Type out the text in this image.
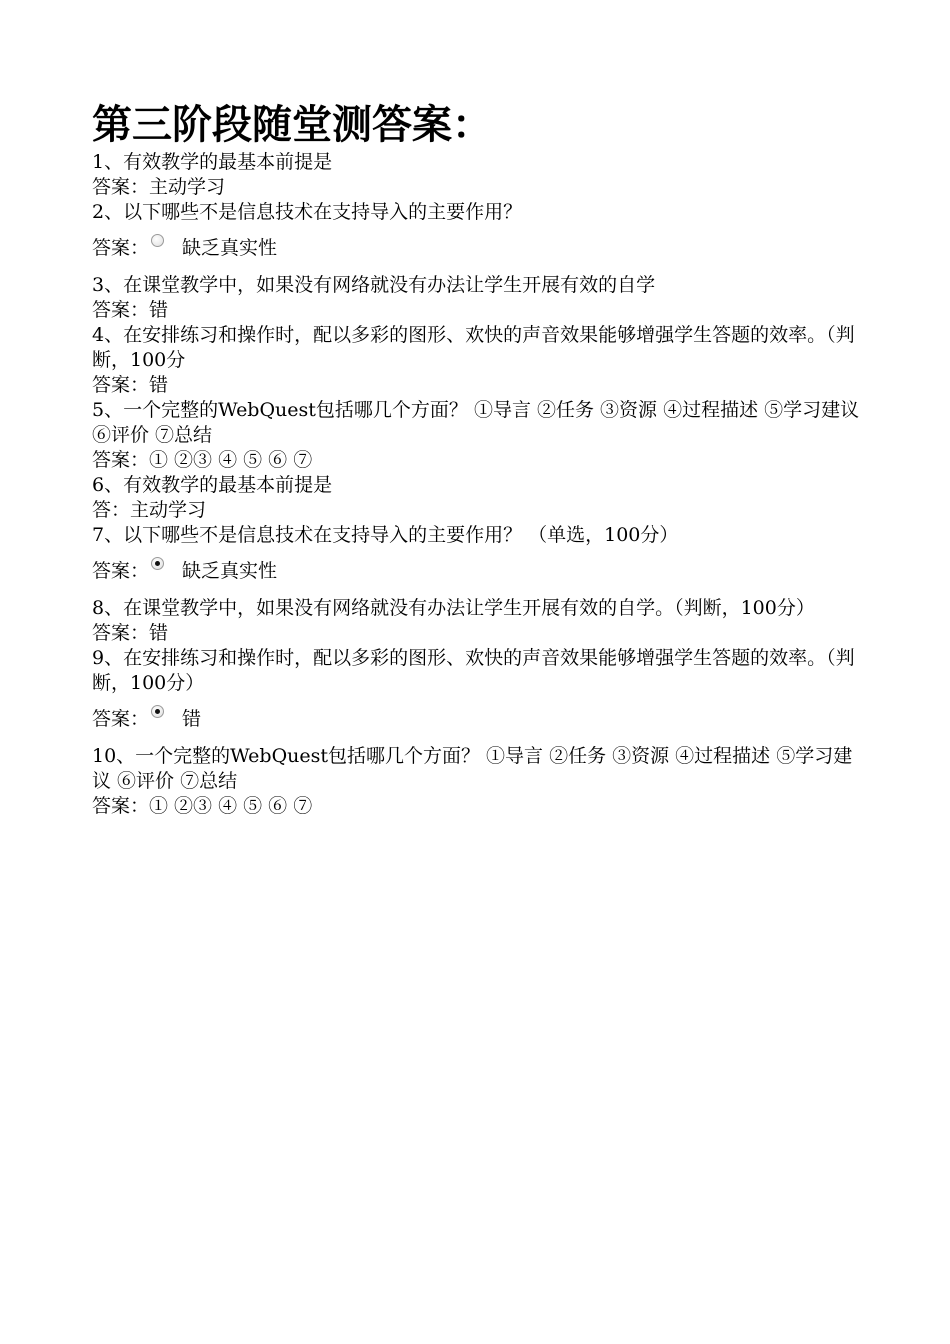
第三阶段随堂测答案：

1、有效教学的最基本前提是

答案：主动学习

2、以下哪些不是信息技术在支持导入的主要作用？

答案： 缺乏真实性

3、在课堂教学中，如果没有网络就没有办法让学生开展有效的自学

答案：错

4、在安排练习和操作时，配以多彩的图形、欢快的声音效果能够增强学生答题的效率。（判断，100分

答案：错

5、一个完整的WebQuest包括哪几个方面？ ①导言 ②任务 ③资源 ④过程描述 ⑤学习建议 ⑥评价 ⑦总结

答案：① ②③ ④ ⑤ ⑥ ⑦

6、有效教学的最基本前提是

答：主动学习

7、以下哪些不是信息技术在支持导入的主要作用？ （单选，100分）

答案： 缺乏真实性

8、在课堂教学中，如果没有网络就没有办法让学生开展有效的自学。（判断，100分）

答案：错

9、在安排练习和操作时，配以多彩的图形、欢快的声音效果能够增强学生答题的效率。（判断，100分）

答案： 错

10、一个完整的WebQuest包括哪几个方面？ ①导言 ②任务 ③资源 ④过程描述 ⑤学习建议 ⑥评价 ⑦总结

答案：① ②③ ④ ⑤ ⑥ ⑦
